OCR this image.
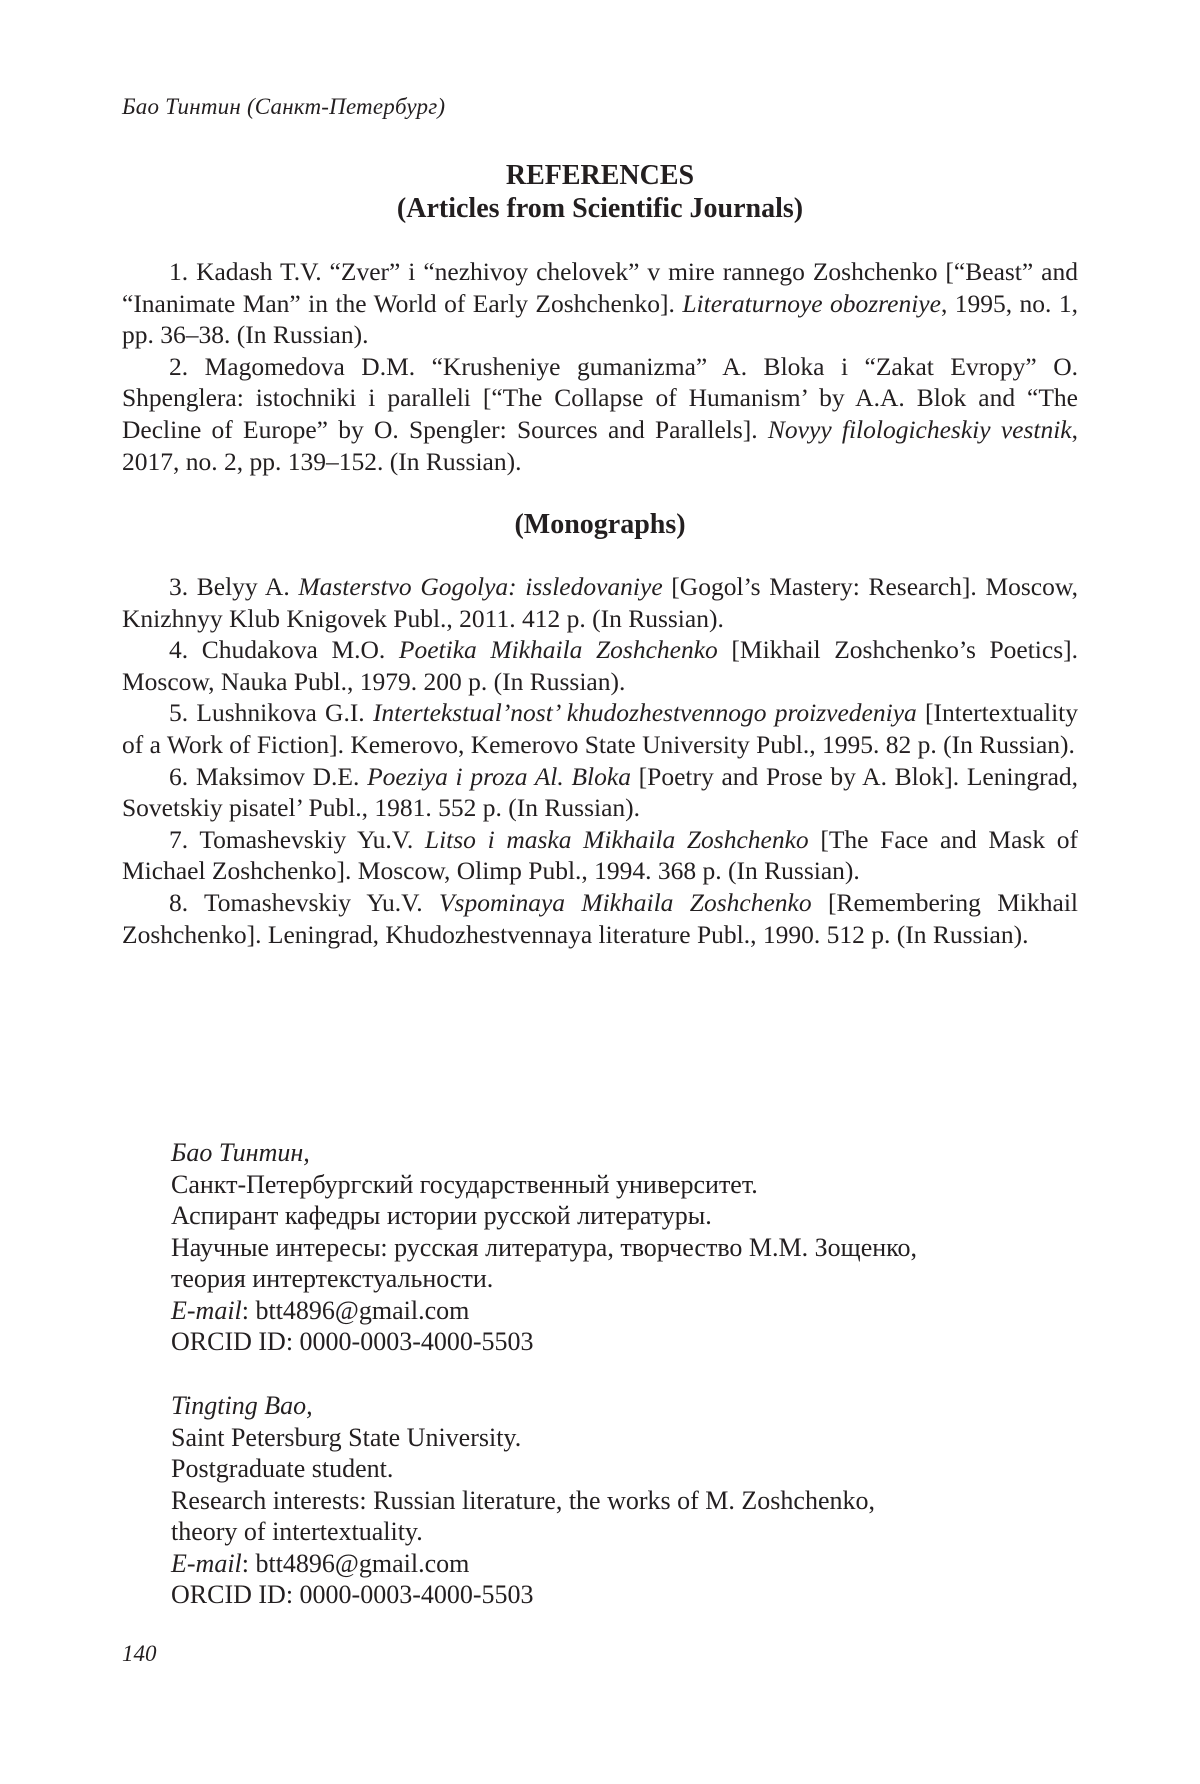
Бао Тинтин (Санкт-Петербург)
REFERENCES
(Articles from Scientific Journals)

1. Kadash T.V. “Zver” i “nezhivoy chelovek” v mire rannego Zoshchenko [“Beast” and “Inanimate Man” in the World of Early Zoshchenko]. Literaturnoye obozreniye, 1995, no. 1, pp. 36–38. (In Russian).

2. Magomedova D.M. “Krusheniye gumanizma” A. Bloka i “Zakat Evropy” O. Shpenglera: istochniki i paralleli [“The Collapse of Humanism’ by A.A. Blok and “The Decline of Europe” by O. Spengler: Sources and Parallels]. Novyy filologicheskiy vestnik, 2017, no. 2, pp. 139–152. (In Russian).

(Monographs)

3. Belyy A. Masterstvo Gogolya: issledovaniye [Gogol’s Mastery: Research]. Moscow, Knizhnyy Klub Knigovek Publ., 2011. 412 p. (In Russian).

4. Chudakova M.O. Poetika Mikhaila Zoshchenko [Mikhail Zoshchenko’s Poetics]. Moscow, Nauka Publ., 1979. 200 p. (In Russian).

5. Lushnikova G.I. Intertekstual’nost’ khudozhestvennogo proizvedeniya [Intertextuality of a Work of Fiction]. Kemerovo, Kemerovo State University Publ., 1995. 82 p. (In Russian).

6. Maksimov D.E. Poeziya i proza Al. Bloka [Poetry and Prose by A. Blok]. Leningrad, Sovetskiy pisatel’ Publ., 1981. 552 p. (In Russian).

7. Tomashevskiy Yu.V. Litso i maska Mikhaila Zoshchenko [The Face and Mask of Michael Zoshchenko]. Moscow, Olimp Publ., 1994. 368 p. (In Russian).

8. Tomashevskiy Yu.V. Vspominaya Mikhaila Zoshchenko [Remembering Mikhail Zoshchenko]. Leningrad, Khudozhestvennaya literature Publ., 1990. 512 p. (In Russian).

Бао Тинтин,
Санкт-Петербургский государственный университет.
Аспирант кафедры истории русской литературы.
Научные интересы: русская литература, творчество М.М. Зощенко,
теория интертекстуальности.
E-mail: btt4896@gmail.com
ORCID ID: 0000-0003-4000-5503
Tingting Bao,
Saint Petersburg State University.
Postgraduate student.
Research interests: Russian literature, the works of M. Zoshchenko,
theory of intertextuality.
E-mail: btt4896@gmail.com
ORCID ID: 0000-0003-4000-5503
140
